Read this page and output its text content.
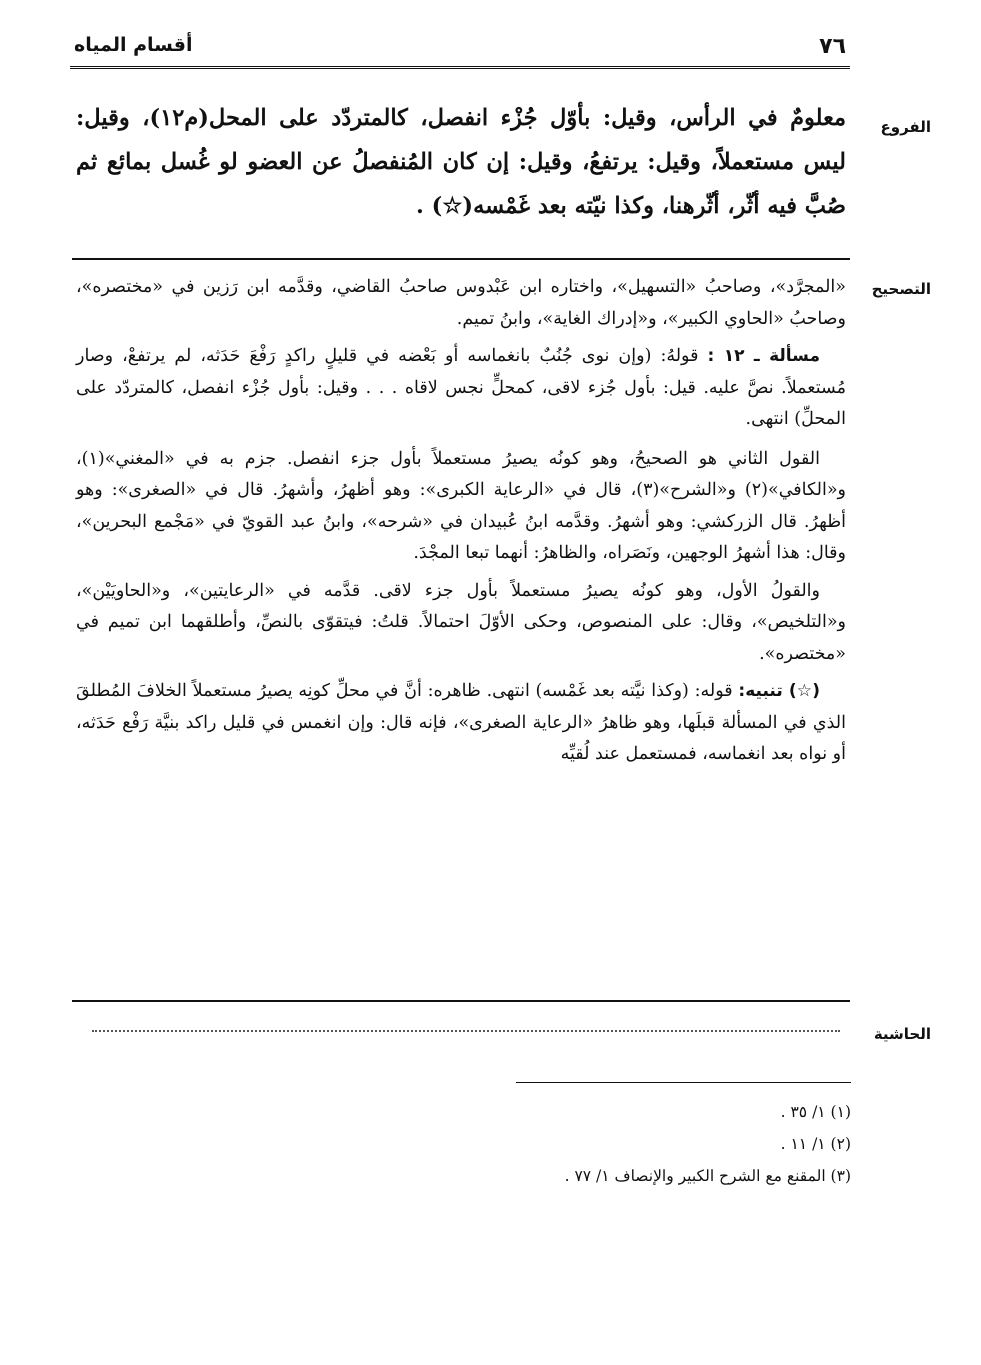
٧٦
أقسام المياه
الفروع
التصحيح
الحاشية
معلومٌ في الرأس، وقيل: بأوّل جُزْء انفصل، كالمتردّد على المحل(م١٢)، وقيل: ليس مستعملاً، وقيل: يرتفعُ، وقيل: إن كان المُنفصلُ عن العضو لو غُسل بمائع ثم صُبَّ فيه أثّر، أثّرهنا، وكذا نيّته بعد غَمْسه(☆) .

«المجرَّد»، وصاحبُ «التسهيل»، واختاره ابن عَبْدوس صاحبُ القاضي، وقدَّمه ابن رَزين في «مختصره»، وصاحبُ «الحاوي الكبير»، و«إدراك الغاية»، وابنُ تميم.

مسألة ـ ١٢ : قولهُ: (وإن نوى جُنُبٌ بانغماسه أو بَعْضه في قليلٍ راكدٍ رَفْعَ حَدَثه، لم يرتفعْ، وصار مُستعملاً. نصَّ عليه. قيل: بأول جُزء لاقى، كمحلٍّ نجس لاقاه . . . وقيل: بأول جُزْء انفصل، كالمتردّد على المحلِّ) انتهى.

القول الثاني هو الصحيحُ، وهو كونُه يصيرُ مستعملاً بأول جزء انفصل. جزم به في «المغني»(١)، و«الكافي»(٢) و«الشرح»(٣)، قال في «الرعاية الكبرى»: وهو أظهرُ، وأشهرُ. قال في «الصغرى»: وهو أظهرُ. قال الزركشي: وهو أشهرُ. وقدَّمه ابنُ عُبيدان في «شرحه»، وابنُ عبد القويّ في «مَجْمع البحرين»، وقال: هذا أشهرُ الوجهين، ونَصَراه، والظاهرُ: أنهما تبعا المجْدَ.

والقولُ الأول، وهو كونُه يصيرُ مستعملاً بأول جزء لاقى. قدَّمه في «الرعايتين»، و«الحاويَيْن»، و«التلخيص»، وقال: على المنصوص، وحكى الأوّلَ احتمالاً. قلتُ: فيتقوّى بالنصِّ، وأطلقهما ابن تميم في «مختصره».

(☆) تنبيه: قوله: (وكذا نيَّته بعد غَمْسه) انتهى. ظاهره: أنَّ في محلِّ كونِه يصيرُ مستعملاً الخلافَ المُطلقَ الذي في المسألة قبلَها، وهو ظاهرُ «الرعاية الصغرى»، فإنه قال: وإن انغمس في قليل راكد بنيَّة رَفْع حَدَثه، أو نواه بعد انغماسه، فمستعمل عند لُقيِّه

(١) ١/ ٣٥ .

(٢) ١/ ١١ .

(٣) المقنع مع الشرح الكبير والإنصاف ١/ ٧٧ .
